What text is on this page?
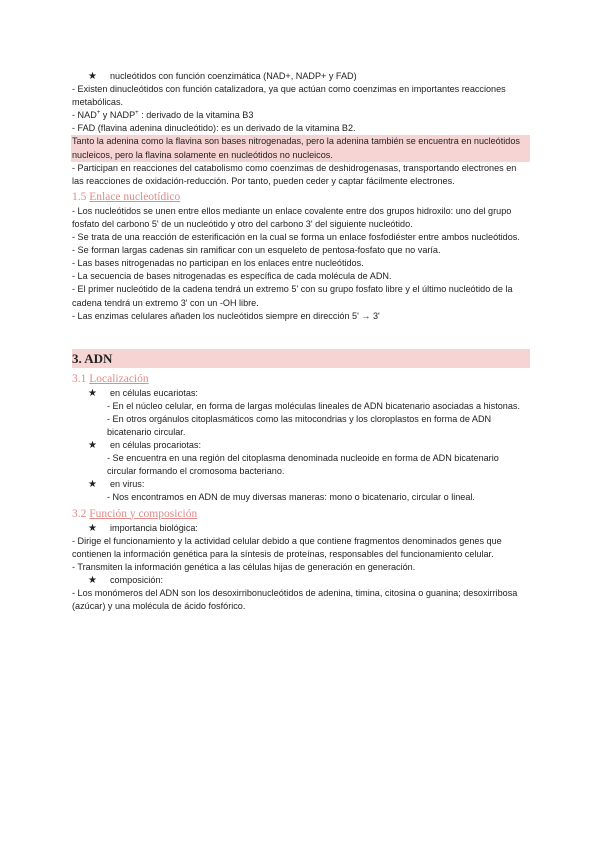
★ nucleótidos con función coenzimática (NAD+, NADP+ y FAD)

- Existen dinucleótidos con función catalizadora, ya que actúan como coenzimas en importantes reacciones metabólicas.

- NAD+ y NADP+ : derivado de la vitamina B3

- FAD (flavina adenina dinucleótido): es un derivado de la vitamina B2.

Tanto la adenina como la flavina son bases nitrogenadas, pero la adenina también se encuentra en nucleótidos nucleicos, pero la flavina solamente en nucleótidos no nucleicos.

- Participan en reacciones del catabolismo como coenzimas de deshidrogenasas, transportando electrones en las reacciones de oxidación-reducción. Por tanto, pueden ceder y captar fácilmente electrones.

1.5 Enlace nucleotídico

- Los nucleótidos se unen entre ellos mediante un enlace covalente entre dos grupos hidroxilo: uno del grupo fosfato del carbono 5' de un nucleótido y otro del carbono 3' del siguiente nucleótido.

- Se trata de una reacción de esterificación en la cual se forma un enlace fosfodiéster entre ambos nucleótidos.

- Se forman largas cadenas sin ramificar con un esqueleto de pentosa-fosfato que no varía.

- Las bases nitrogenadas no participan en los enlaces entre nucleótidos.

- La secuencia de bases nitrogenadas es específica de cada molécula de ADN.

- El primer nucleótido de la cadena tendrá un extremo 5' con su grupo fosfato libre y el último nucleótido de la cadena tendrá un extremo 3' con un -OH libre.

- Las enzimas celulares añaden los nucleótidos siempre en dirección 5' → 3'

3. ADN
3.1 Localización

★ en células eucariotas:

- En el núcleo celular, en forma de largas moléculas lineales de ADN bicatenario asociadas a histonas.

- En otros orgánulos citoplasmáticos como las mitocondrias y los cloroplastos en forma de ADN bicatenario circular.

★ en células procariotas:

- Se encuentra en una región del citoplasma denominada nucleoide en forma de ADN bicatenario circular formando el cromosoma bacteriano.

★ en virus:

- Nos encontramos en ADN de muy diversas maneras: mono o bicatenario, circular o lineal.

3.2 Función y composición

★ importancia biológica:

- Dirige el funcionamiento y la actividad celular debido a que contiene fragmentos denominados genes que contienen la información genética para la síntesis de proteínas, responsables del funcionamiento celular.

- Transmiten la información genética a las células hijas de generación en generación.

★ composición:

- Los monómeros del ADN son los desoxirribonucleótidos de adenina, timina, citosina o guanina; desoxirribosa (azúcar) y una molécula de ácido fosfórico.
